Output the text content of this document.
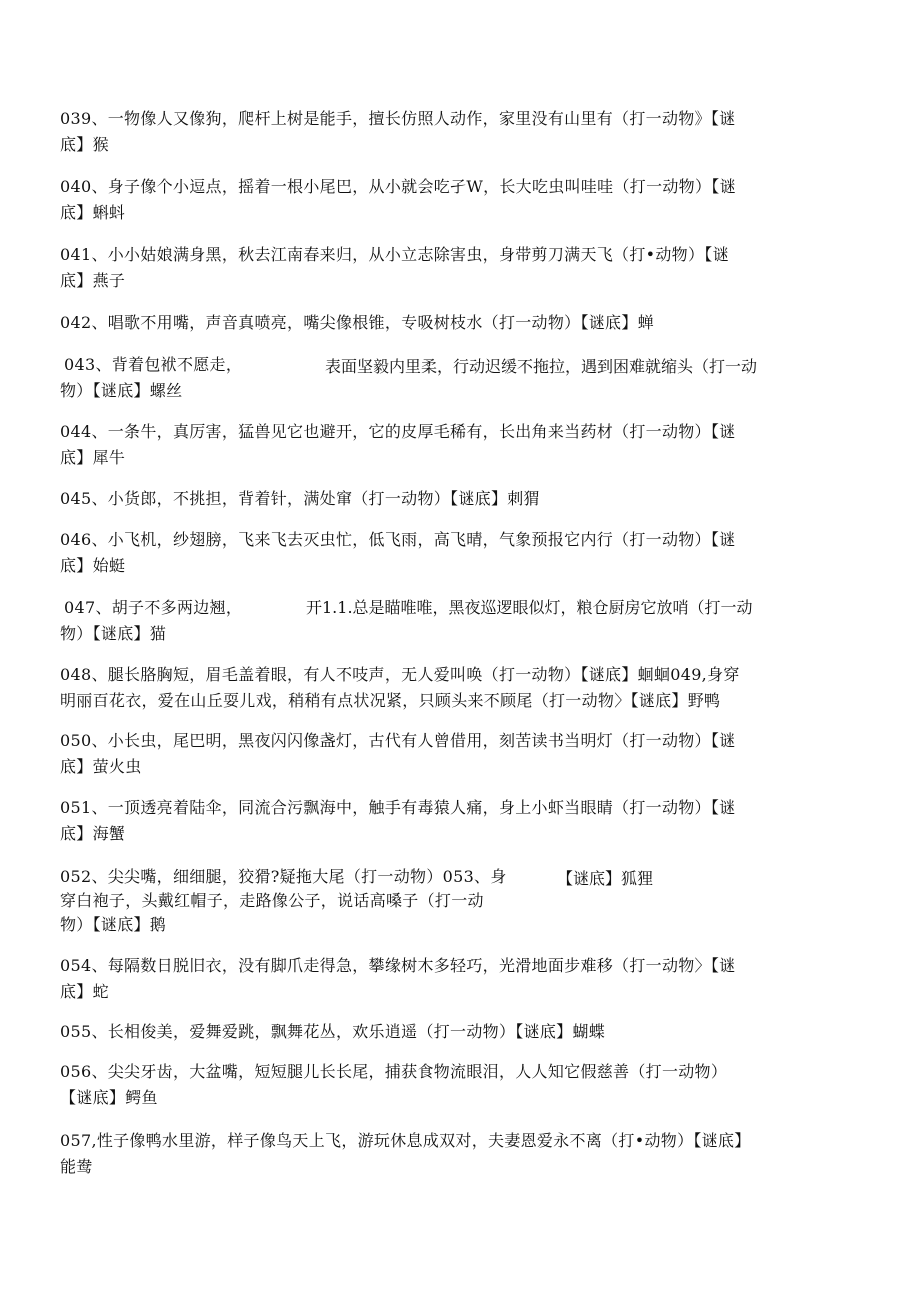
039、一物像人又像狗，爬杆上树是能手，擅长仿照人动作，家里没有山里有（打一动物》【谜
底】猴
040、身子像个小逗点，摇着一根小尾巴，从小就会吃孑W，长大吃虫叫哇哇（打一动物）【谜
底】蝌蚪
041、小小姑娘满身黑，秋去江南春来归，从小立志除害虫，身带剪刀满天飞（打•动物）【谜
底】燕子
042、唱歌不用嘴，声音真喷亮，嘴尖像根锥，专吸树枝水（打一动物）【谜底】蝉
043、背着包袱不愿走，	表面坚毅内里柔，行动迟缓不拖拉，遇到困难就缩头（打一动
物）【谜底】螺丝
044、一条牛，真厉害，猛兽见它也避开，它的皮厚毛稀有，长出角来当药材（打一动物）【谜
底】犀牛
045、小货郎，不挑担，背着针，满处窜（打一动物）【谜底】刺猬
046、小飞机，纱翅膀，飞来飞去灭虫忙，低飞雨，高飞晴，气象预报它内行（打一动物）【谜
底】始蜓
047、胡子不多两边翘，	开1.1.总是瞄唯唯，黑夜巡逻眼似灯，粮仓厨房它放哨（打一动
物）【谜底】猫
048、腿长胳胸短，眉毛盖着眼，有人不吱声，无人爱叫唤（打一动物）【谜底】蛔蛔049,身穿
明丽百花衣，爱在山丘耍儿戏，稍稍有点状况紧，只顾头来不顾尾（打一动物〉【谜底】野鸭
050、小长虫，尾巴明，黑夜闪闪像盏灯，古代有人曾借用，刻苦读书当明灯（打一动物）【谜
底】萤火虫
051、一顶透亮着陆伞，同流合污飘海中，触手有毒猿人痛，身上小虾当眼睛（打一动物）【谜
底】海蟹
052、尖尖嘴，细细腿，狡猾?疑拖大尾（打一动物）053、身	【谜底】狐狸
穿白袍子，头戴红帽子，走路像公子，说话高嗓子（打一动
物）【谜底】鹅
054、每隔数日脱旧衣，没有脚爪走得急，攀缘树木多轻巧，光滑地面步难移（打一动物〉【谜
底】蛇
055、长相俊美，爱舞爱跳，飘舞花丛，欢乐逍遥（打一动物）【谜底】蝴蝶
056、尖尖牙齿，大盆嘴，短短腿儿长长尾，捕获食物流眼泪，人人知它假慈善（打一动物）
【谜底】鳄鱼
057,性子像鸭水里游，样子像鸟天上飞，游玩休息成双对，夫妻恩爱永不离（打•动物）【谜底】
能鸯
